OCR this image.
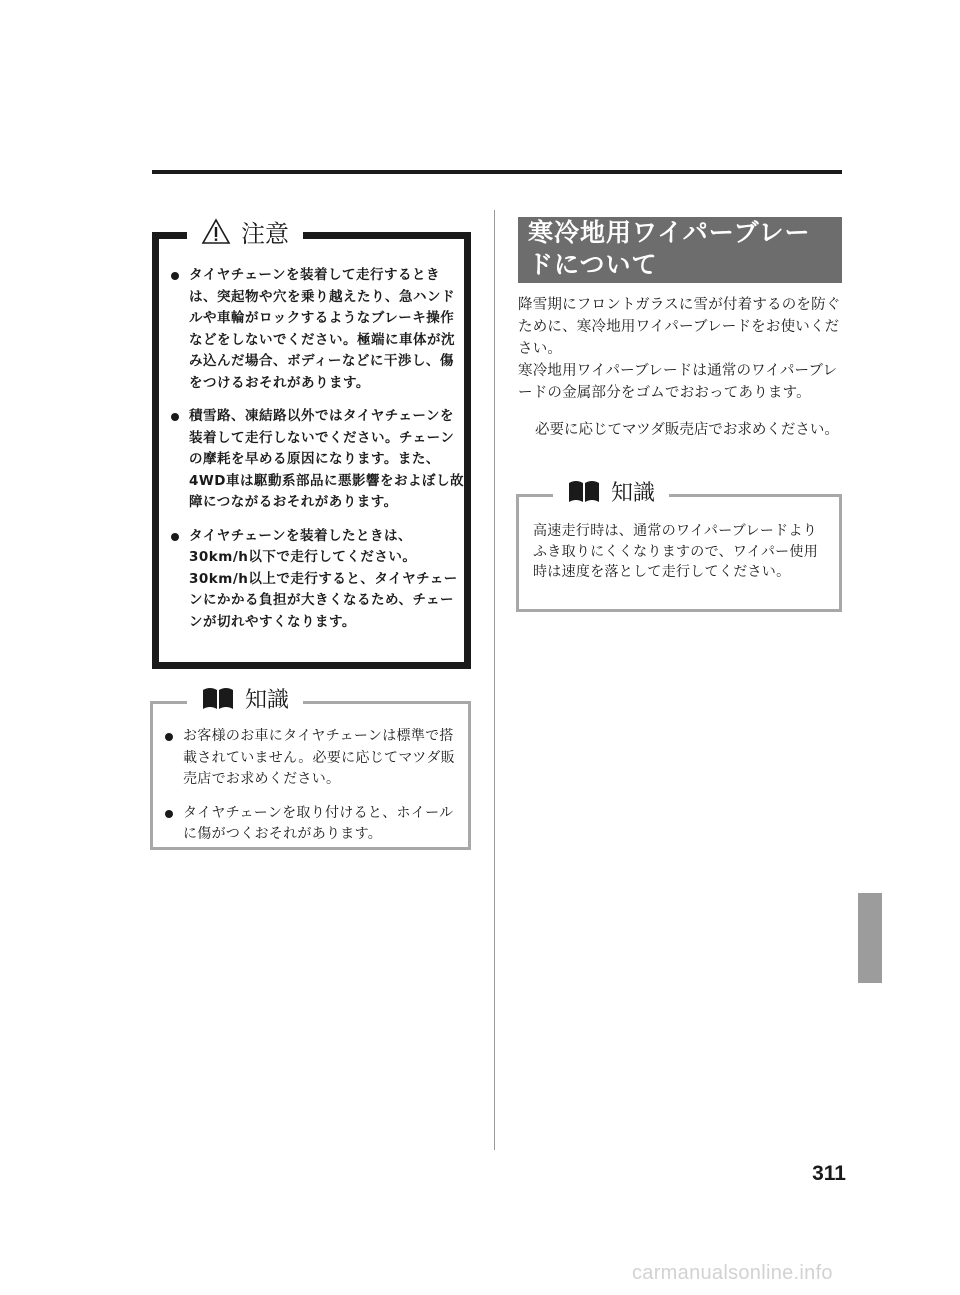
注意
タイヤチェーンを装着して走行するときは、突起物や穴を乗り越えたり、急ハンドルや車輪がロックするようなブレーキ操作などをしないでください。極端に車体が沈み込んだ場合、ボディーなどに干渉し、傷をつけるおそれがあります。
積雪路、凍結路以外ではタイヤチェーンを装着して走行しないでください。チェーンの摩耗を早める原因になります。また、4WD車は駆動系部品に悪影響をおよぼし故障につながるおそれがあります。
タイヤチェーンを装着したときは、30km/h以下で走行してください。30km/h以上で走行すると、タイヤチェーンにかかる負担が大きくなるため、チェーンが切れやすくなります。
知識
お客様のお車にタイヤチェーンは標準で搭載されていません。必要に応じてマツダ販売店でお求めください。
タイヤチェーンを取り付けると、ホイールに傷がつくおそれがあります。
寒冷地用ワイパーブレードについて

降雪期にフロントガラスに雪が付着するのを防ぐために、寒冷地用ワイパーブレードをお使いください。
寒冷地用ワイパーブレードは通常のワイパーブレードの金属部分をゴムでおおってあります。

必要に応じてマツダ販売店でお求めください。

知識
高速走行時は、通常のワイパーブレードよりふき取りにくくなりますので、ワイパー使用時は速度を落として走行してください。
311
carmanualsonline.info
